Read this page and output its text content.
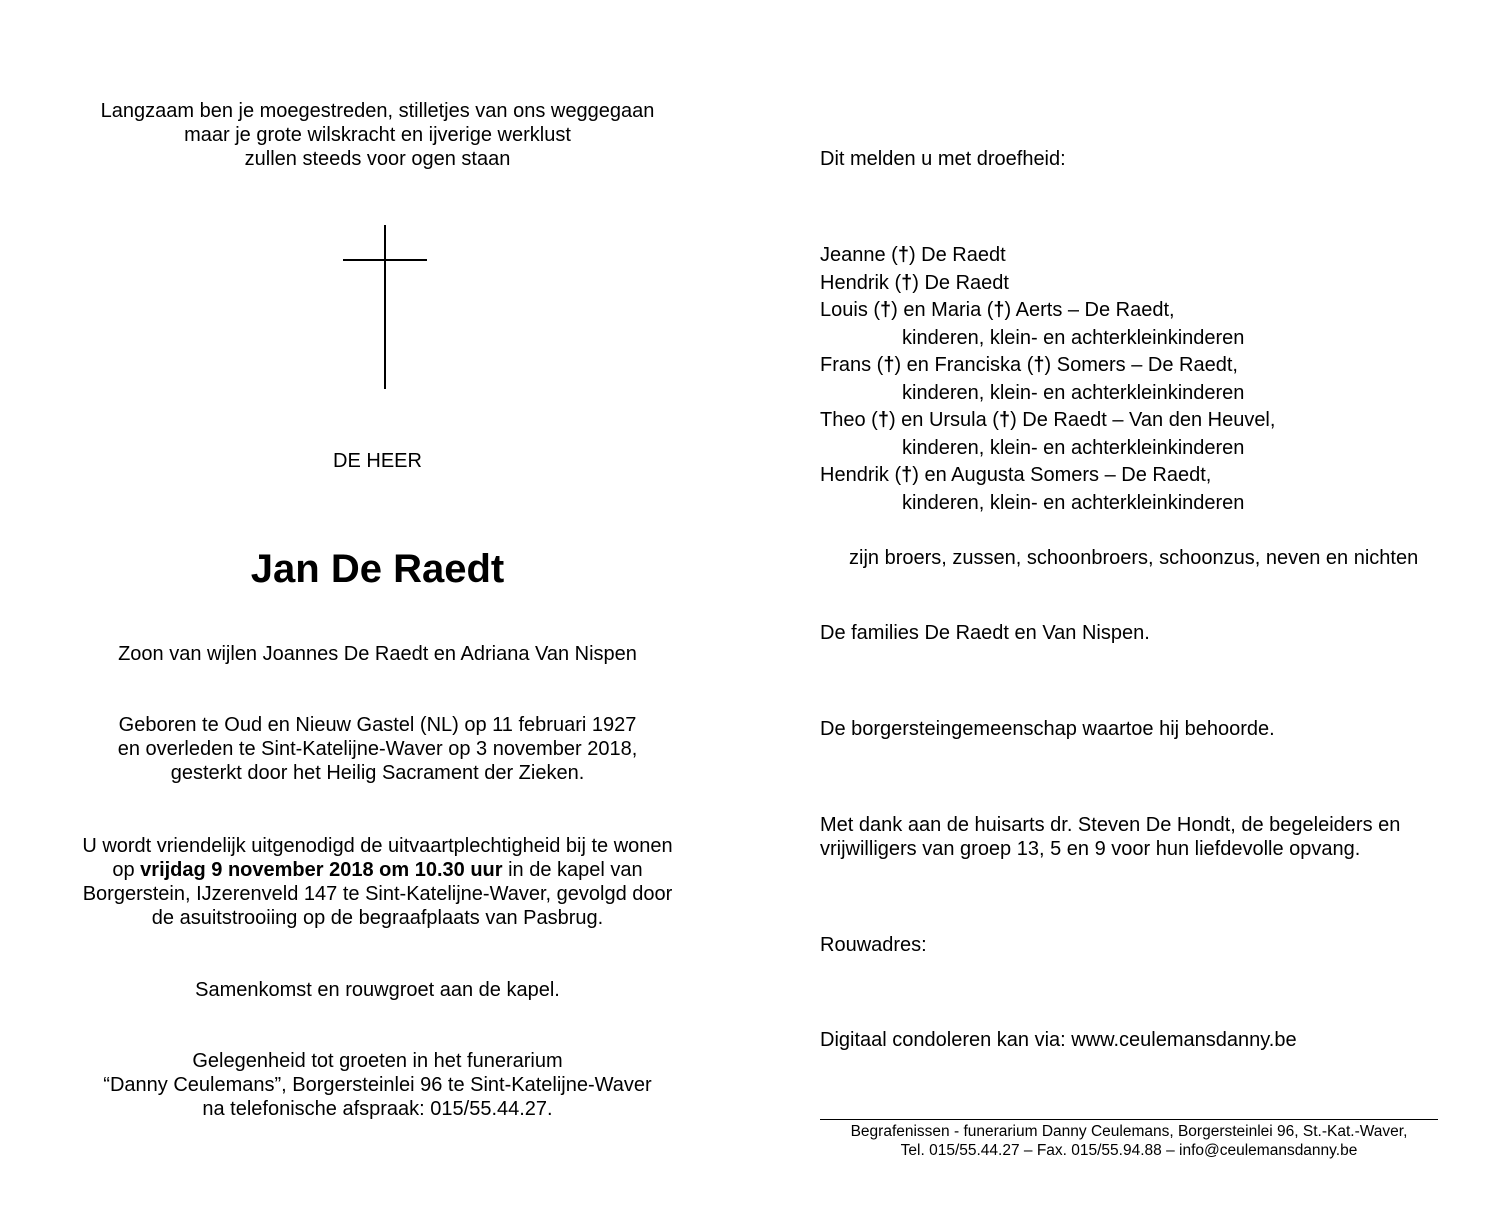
Langzaam ben je moegestreden, stilletjes van ons weggegaan
maar je grote wilskracht en ijverige werklust
zullen steeds voor ogen staan
DE HEER
Jan De Raedt
Zoon van wijlen Joannes De Raedt en Adriana Van Nispen
Geboren te Oud en Nieuw Gastel (NL) op 11 februari 1927
en overleden te Sint-Katelijne-Waver op 3 november 2018,
gesterkt door het Heilig Sacrament der Zieken.
U wordt vriendelijk uitgenodigd de uitvaartplechtigheid bij te wonen
op vrijdag 9 november 2018 om 10.30 uur in de kapel van
Borgerstein, IJzerenveld 147 te Sint-Katelijne-Waver, gevolgd door
de asuitstrooiing op de begraafplaats van Pasbrug.
Samenkomst en rouwgroet aan de kapel.
Gelegenheid tot groeten in het funerarium
“Danny Ceulemans”, Borgersteinlei 96 te Sint-Katelijne-Waver
na telefonische afspraak: 015/55.44.27.
Dit melden u met droefheid:
Jeanne (†) De Raedt
Hendrik (†) De Raedt
Louis (†) en Maria (†) Aerts – De Raedt,
kinderen, klein- en achterkleinkinderen
Frans (†) en Franciska (†) Somers – De Raedt,
kinderen, klein- en achterkleinkinderen
Theo (†) en Ursula (†) De Raedt – Van den Heuvel,
kinderen, klein- en achterkleinkinderen
Hendrik (†) en Augusta Somers – De Raedt,
kinderen, klein- en achterkleinkinderen
zijn broers, zussen, schoonbroers, schoonzus, neven en nichten
De families De Raedt en Van Nispen.
De borgersteingemeenschap waartoe hij behoorde.
Met dank aan de huisarts dr. Steven De Hondt, de begeleiders en
vrijwilligers van groep 13, 5 en 9 voor hun liefdevolle opvang.
Rouwadres:
Digitaal condoleren kan via: www.ceulemansdanny.be
Begrafenissen - funerarium Danny Ceulemans, Borgersteinlei 96, St.-Kat.-Waver,
Tel. 015/55.44.27 – Fax. 015/55.94.88 – info@ceulemansdanny.be
